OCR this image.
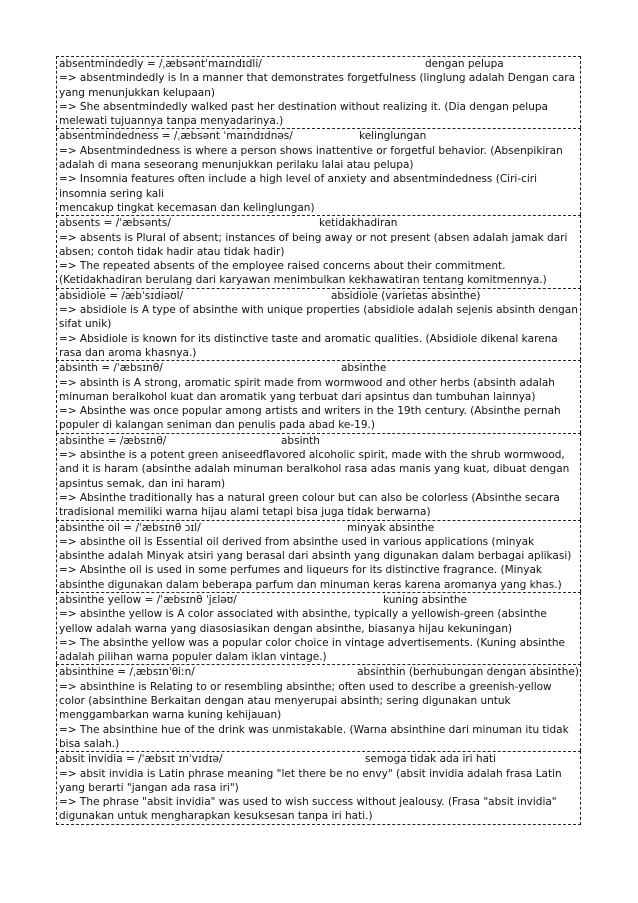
absentmindedly = /ˌæbsəntˈmaɪndɪdli/	dengan pelupa

=> absentmindedly is In a manner that demonstrates forgetfulness (linglung adalah Dengan cara yang menunjukkan kelupaan)

=> She absentmindedly walked past her destination without realizing it. (Dia dengan pelupa melewati tujuannya tanpa menyadarinya.)

absentmindedness = /ˌæbsənt ˈmaɪndɪdnəs/	kelinglungan

=> Absentmindedness is where a person shows inattentive or forgetful behavior. (Absenpikiran adalah di mana seseorang menunjukkan perilaku lalai atau pelupa)

=> Insomnia features often include a high level of anxiety and absentmindedness (Ciri-ciri insomnia sering kali

mencakup tingkat kecemasan dan kelinglungan)

absents = /ˈæbsənts/	ketidakhadiran

=> absents is Plural of absent; instances of being away or not present (absen adalah jamak dari absen; contoh tidak hadir atau tidak hadir)

=> The repeated absents of the employee raised concerns about their commitment. (Ketidakhadiran berulang dari karyawan menimbulkan kekhawatiran tentang komitmennya.)

absidiole = /æbˈsɪdiəʊl/	absidiole (varietas absinthe)

=> absidiole is A type of absinthe with unique properties (absidiole adalah sejenis absinth dengan sifat unik)

=> Absidiole is known for its distinctive taste and aromatic qualities. (Absidiole dikenal karena rasa dan aroma khasnya.)

absinth = /ˈæbsɪnθ/	absinthe

=> absinth is A strong, aromatic spirit made from wormwood and other herbs (absinth adalah minuman beralkohol kuat dan aromatik yang terbuat dari apsintus dan tumbuhan lainnya)

=> Absinthe was once popular among artists and writers in the 19th century. (Absinthe pernah populer di kalangan seniman dan penulis pada abad ke-19.)

absinthe = /æbsɪnθ/	absinth

=> absinthe is a potent green aniseedflavored alcoholic spirit, made with the shrub wormwood, and it is haram (absinthe adalah minuman beralkohol rasa adas manis yang kuat, dibuat dengan apsintus semak, dan ini haram)

=> Absinthe traditionally has a natural green colour but can also be colorless (Absinthe secara tradisional memiliki warna hijau alami tetapi bisa juga tidak berwarna)

absinthe oil = /ˈæbsɪnθ ɔɪl/	minyak absinthe

=> absinthe oil is Essential oil derived from absinthe used in various applications (minyak absinthe adalah Minyak atsiri yang berasal dari absinth yang digunakan dalam berbagai aplikasi)

=> Absinthe oil is used in some perfumes and liqueurs for its distinctive fragrance. (Minyak absinthe digunakan dalam beberapa parfum dan minuman keras karena aromanya yang khas.)

absinthe yellow = /ˈæbsɪnθ ˈjɛləʊ/	kuning absinthe

=> absinthe yellow is A color associated with absinthe, typically a yellowish-green (absinthe yellow adalah warna yang diasosiasikan dengan absinthe, biasanya hijau kekuningan)

=> The absinthe yellow was a popular color choice in vintage advertisements. (Kuning absinthe adalah pilihan warna populer dalam iklan vintage.)

absinthine = /ˌæbsɪnˈθiːn/	absinthin (berhubungan dengan absinthe)

=> absinthine is Relating to or resembling absinthe; often used to describe a greenish-yellow color (absinthine Berkaitan dengan atau menyerupai absinth; sering digunakan untuk menggambarkan warna kuning kehijauan)

=> The absinthine hue of the drink was unmistakable. (Warna absinthine dari minuman itu tidak bisa salah.)

absit invidia = /ˈæbsɪt ɪnˈvɪdɪə/	semoga tidak ada iri hati

=> absit invidia is Latin phrase meaning "let there be no envy" (absit invidia adalah frasa Latin yang berarti "jangan ada rasa iri")

=> The phrase "absit invidia" was used to wish success without jealousy. (Frasa "absit invidia" digunakan untuk mengharapkan kesuksesan tanpa iri hati.)
